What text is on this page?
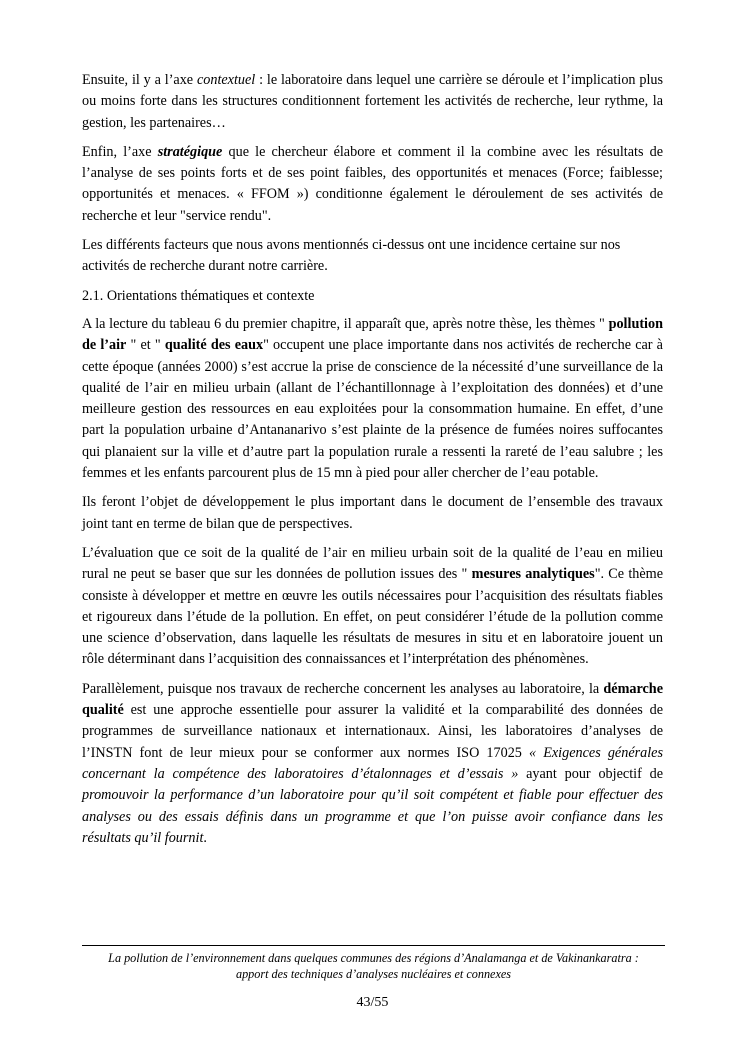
Ensuite, il y a l’axe contextuel : le laboratoire dans lequel une carrière se déroule et l’implication plus ou moins forte dans les structures conditionnent fortement les activités de recherche, leur rythme, la gestion, les partenaires…

Enfin, l’axe stratégique que le chercheur élabore et comment il la combine avec les résultats de l’analyse de ses points forts et de ses point faibles, des opportunités et menaces (Force; faiblesse; opportunités et menaces. « FFOM ») conditionne également le déroulement de ses activités de recherche et leur "service rendu".

Les différents facteurs que nous avons mentionnés ci-dessus ont une incidence certaine sur nos activités de recherche durant notre carrière.

2.1. Orientations thématiques et contexte

A la lecture du tableau 6 du premier chapitre, il apparaît que, après notre thèse, les thèmes " pollution de l’air " et " qualité des eaux" occupent une place importante dans nos activités de recherche car à cette époque (années 2000) s’est accrue la prise de conscience de la nécessité d’une surveillance de la qualité de l’air en milieu urbain (allant de l’échantillonnage à l’exploitation des données) et d’une meilleure gestion des ressources en eau exploitées pour la consommation humaine. En effet, d’une part la population urbaine d’Antananarivo s’est plainte de la présence de fumées noires suffocantes qui planaient sur la ville et d’autre part la population rurale a ressenti la rareté de l’eau salubre ; les femmes et les enfants parcourent plus de 15 mn à pied pour aller chercher de l’eau potable.

Ils feront l’objet de développement le plus important dans le document de l’ensemble des travaux joint tant en terme de bilan que de perspectives.

L’évaluation que ce soit de la qualité de l’air en milieu urbain soit de la qualité de l’eau en milieu rural ne peut se baser que sur les données de pollution issues des " mesures analytiques". Ce thème consiste à développer et mettre en œuvre les outils nécessaires pour l’acquisition des résultats fiables et rigoureux dans l’étude de la pollution. En effet, on peut considérer l’étude de la pollution comme une science d’observation, dans laquelle les résultats de mesures in situ et en laboratoire jouent un rôle déterminant dans l’acquisition des connaissances et l’interprétation des phénomènes.

Parallèlement, puisque nos travaux de recherche concernent les analyses au laboratoire, la démarche qualité est une approche essentielle pour assurer la validité et la comparabilité des données de programmes de surveillance nationaux et internationaux. Ainsi, les laboratoires d’analyses de l’INSTN font de leur mieux pour se conformer aux normes ISO 17025 « Exigences générales concernant la compétence des laboratoires d’étalonnages et d’essais » ayant pour objectif de promouvoir la performance d’un laboratoire pour qu’il soit compétent et fiable pour effectuer des analyses ou des essais définis dans un programme et que l’on puisse avoir confiance dans les résultats qu’il fournit.

La pollution de l’environnement dans quelques communes des régions d’Analamanga et de Vakinankaratra :
apport des techniques d’analyses nucléaires et connexes
43/55
